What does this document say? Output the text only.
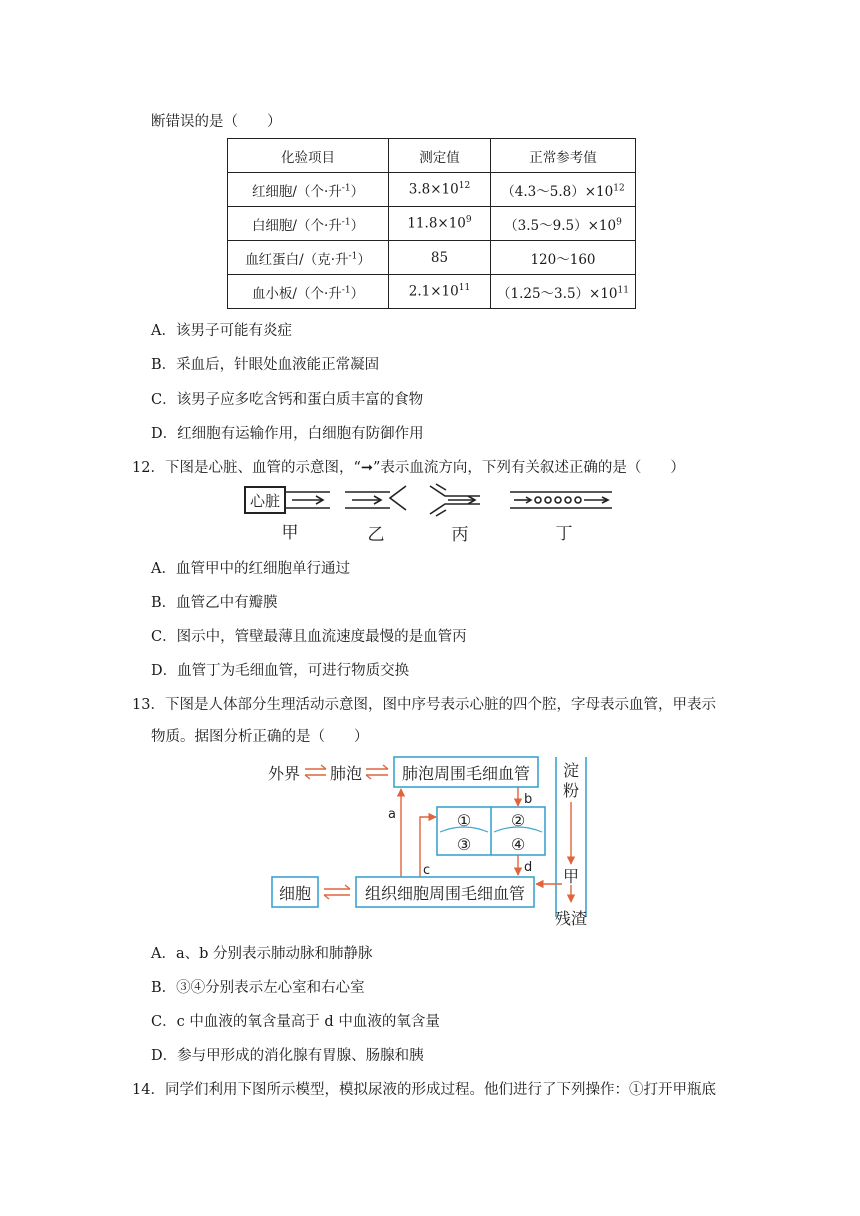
断错误的是（　　）
化验项目	测定值	正常参考值
红细胞/（个·升$^{-1}$）	$3.8\times 10^{12}$	$(4.3\sim 5.8)\times 10^{12}$
白细胞/（个·升$^{-1}$）	$11.8\times 10^9$	$(3.5\sim 9.5)\times 10^9$
血红蛋白/（克·升$^{-1}$）	85	120～160
血小板/（个·升$^{-1}$）	$2.1\times 10^{11}$	$(1.25\sim 3.5)\times 10^{11}$
A．该男子可能有炎症
B．采血后，针眼处血液能正常凝固
C．该男子应多吃含钙和蛋白质丰富的食物
D．红细胞有运输作用，白细胞有防御作用
12．下图是心脏、血管的示意图，“➞”表示血流方向，下列有关叙述正确的是（　　）
心脏
甲	乙	丙	丁
A．血管甲中的红细胞单行通过
B．血管乙中有瓣膜
C．图示中，管壁最薄且血流速度最慢的是血管丙
D．血管丁为毛细血管，可进行物质交换
13．下图是人体部分生理活动示意图，图中序号表示心脏的四个腔，字母表示血管，甲表示
物质。据图分析正确的是（　　）
外界 肺泡 肺泡周围毛细血管
① ②
③ ④
a
b
c	d
细胞	组织细胞周围毛细血管
淀
粉
甲
残渣
A．a、b 分别表示肺动脉和肺静脉
B．③④分别表示左心室和右心室
C．c 中血液的氧含量高于 d 中血液的氧含量
D．参与甲形成的消化腺有胃腺、肠腺和胰
14．同学们利用下图所示模型，模拟尿液的形成过程。他们进行了下列操作：①打开甲瓶底
